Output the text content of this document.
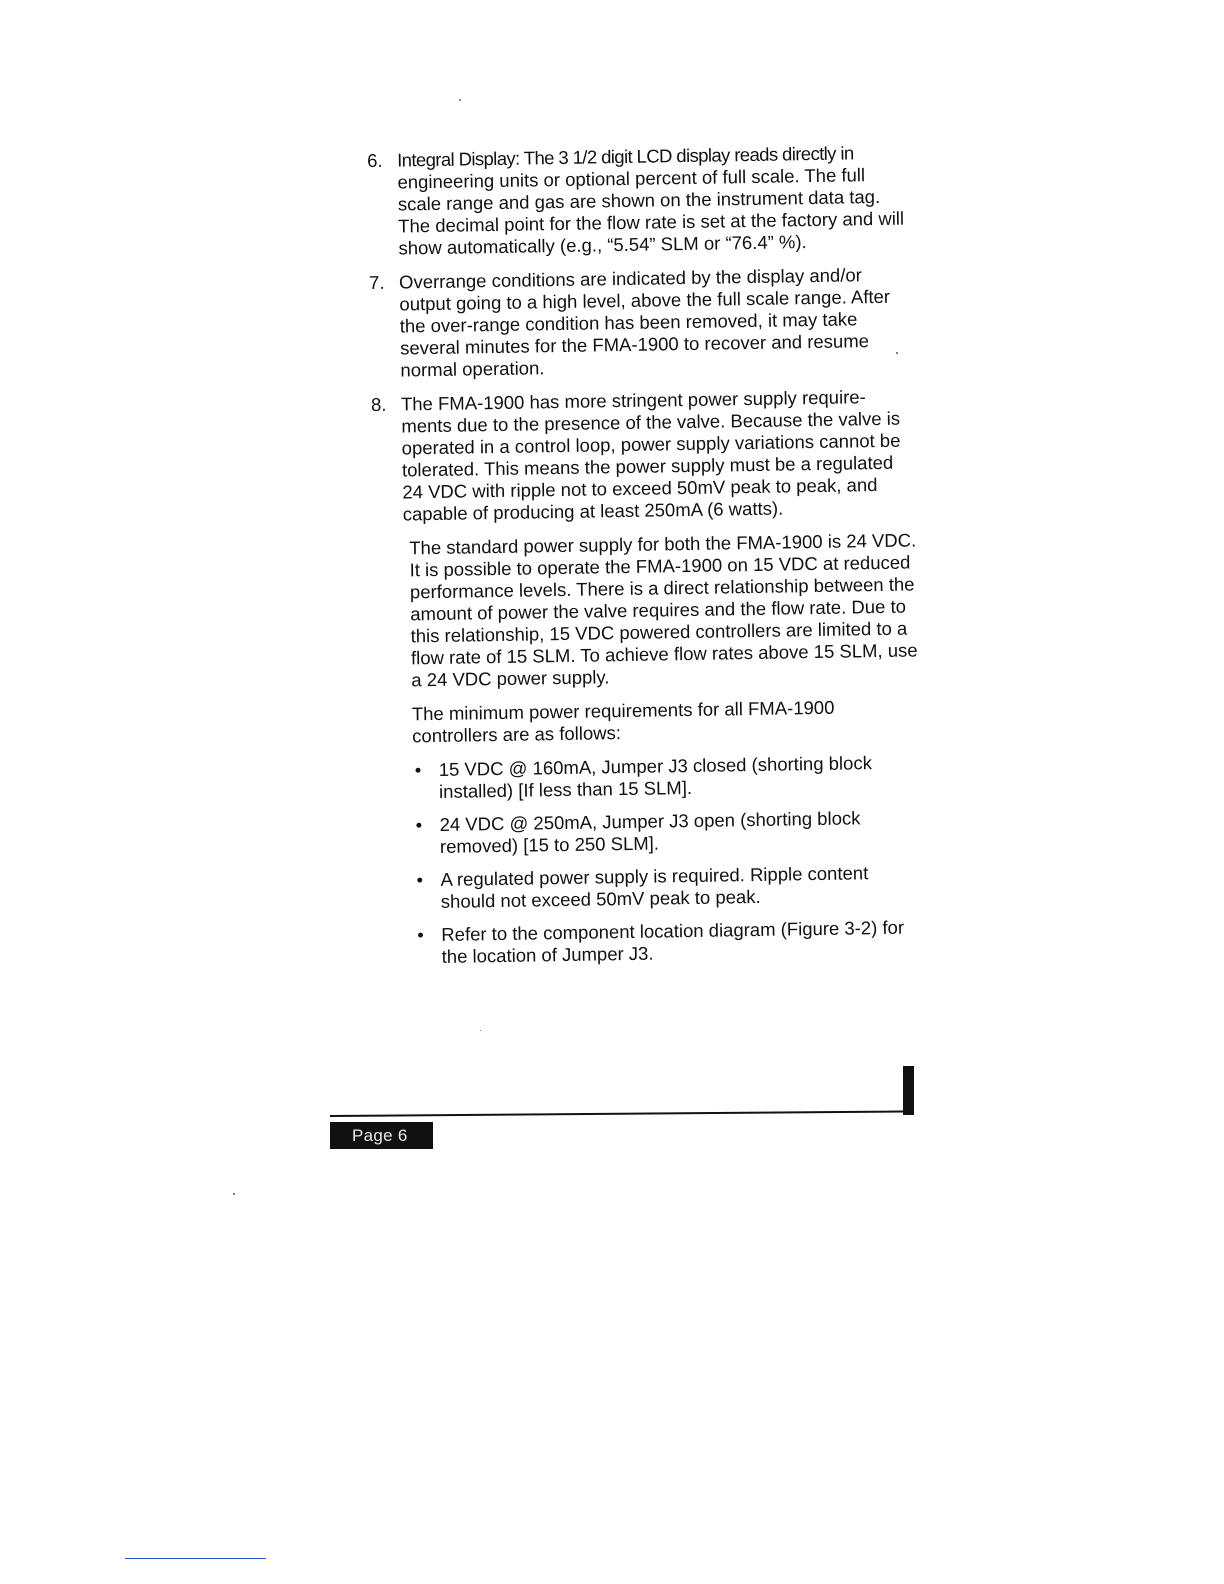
6. Integral Display: The 3 1/2 digit LCD display reads directly in engineering units or optional percent of full scale. The full scale range and gas are shown on the instrument data tag. The decimal point for the flow rate is set at the factory and will show automatically (e.g., “5.54” SLM or “76.4” %).
7. Overrange conditions are indicated by the display and/or output going to a high level, above the full scale range. After the over-range condition has been removed, it may take several minutes for the FMA-1900 to recover and resume normal operation.
8. The FMA-1900 has more stringent power supply require-ments due to the presence of the valve. Because the valve is operated in a control loop, power supply variations cannot be tolerated. This means the power supply must be a regulated 24 VDC with ripple not to exceed 50mV peak to peak, and capable of producing at least 250mA (6 watts).
The standard power supply for both the FMA-1900 is 24 VDC. It is possible to operate the FMA-1900 on 15 VDC at reduced performance levels. There is a direct relationship between the amount of power the valve requires and the flow rate. Due to this relationship, 15 VDC powered controllers are limited to a flow rate of 15 SLM. To achieve flow rates above 15 SLM, use a 24 VDC power supply.
The minimum power requirements for all FMA-1900 controllers are as follows:
• 15 VDC @ 160mA, Jumper J3 closed (shorting block installed) [If less than 15 SLM].
• 24 VDC @ 250mA, Jumper J3 open (shorting block removed) [15 to 250 SLM].
• A regulated power supply is required. Ripple content should not exceed 50mV peak to peak.
• Refer to the component location diagram (Figure 3-2) for the location of Jumper J3.
Page 6
